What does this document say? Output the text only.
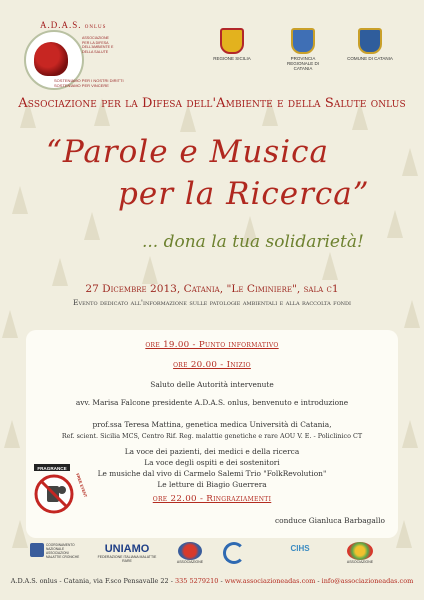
A.D.A.S. ONLUS
ASSOCIAZIONE PER LA DIFESA DELL'AMBIENTE E DELLA SALUTE
SOSTENIAMO PER I NOSTRI DIRITTI SOSTENIAMO PER VINCERE
REGIONE SICILIA	PROVINCIA REGIONALE DI CATANIA
COMUNE DI CATANIA
Associazione per la Difesa dell'Ambiente e della Salute onlus
“Parole e Musica
per la Ricerca”
... dona la tua solidarietà!
27 Dicembre 2013, Catania, "Le Ciminiere", sala c1
Evento dedicato all'informazione sulle patologie ambientali e alla raccolta fondi
ore 19.00 - Punto informativo
ore 20.00 - Inizio
Saluto delle Autorità intervenute
avv. Marisa Falcone presidente A.D.A.S. onlus, benvenuto e introduzione
prof.ssa Teresa Mattina, genetica medica Università di Catania,
Ref. scient. Sicilia MCS, Centro Rif. Reg. malattie genetiche e rare AOU V. E. - Policlinico CT
La voce dei pazienti, dei medici e della ricerca
La voce degli ospiti e dei sostenitori
Le musiche dal vivo di Carmelo Salemi Trio "FolkRevolution"
Le letture di Biagio Guerrera
ore 22.00 - Ringraziamenti
conduce Gianluca Barbagallo
FRAGRANCE
FREE EVENT
COORDINAMENTO NAZIONALE ASSOCIAZIONI MALATTIE CRONICHE
UNIAMO
FEDERAZIONE ITALIANA MALATTIE RARE	ASSOCIAZIONE
CIHS
ASSOCIAZIONE
A.D.A.S. onlus - Catania, via F.sco Pensavalle 22 - 335 5279210 - www.associazioneadas.com - info@associazioneadas.com
